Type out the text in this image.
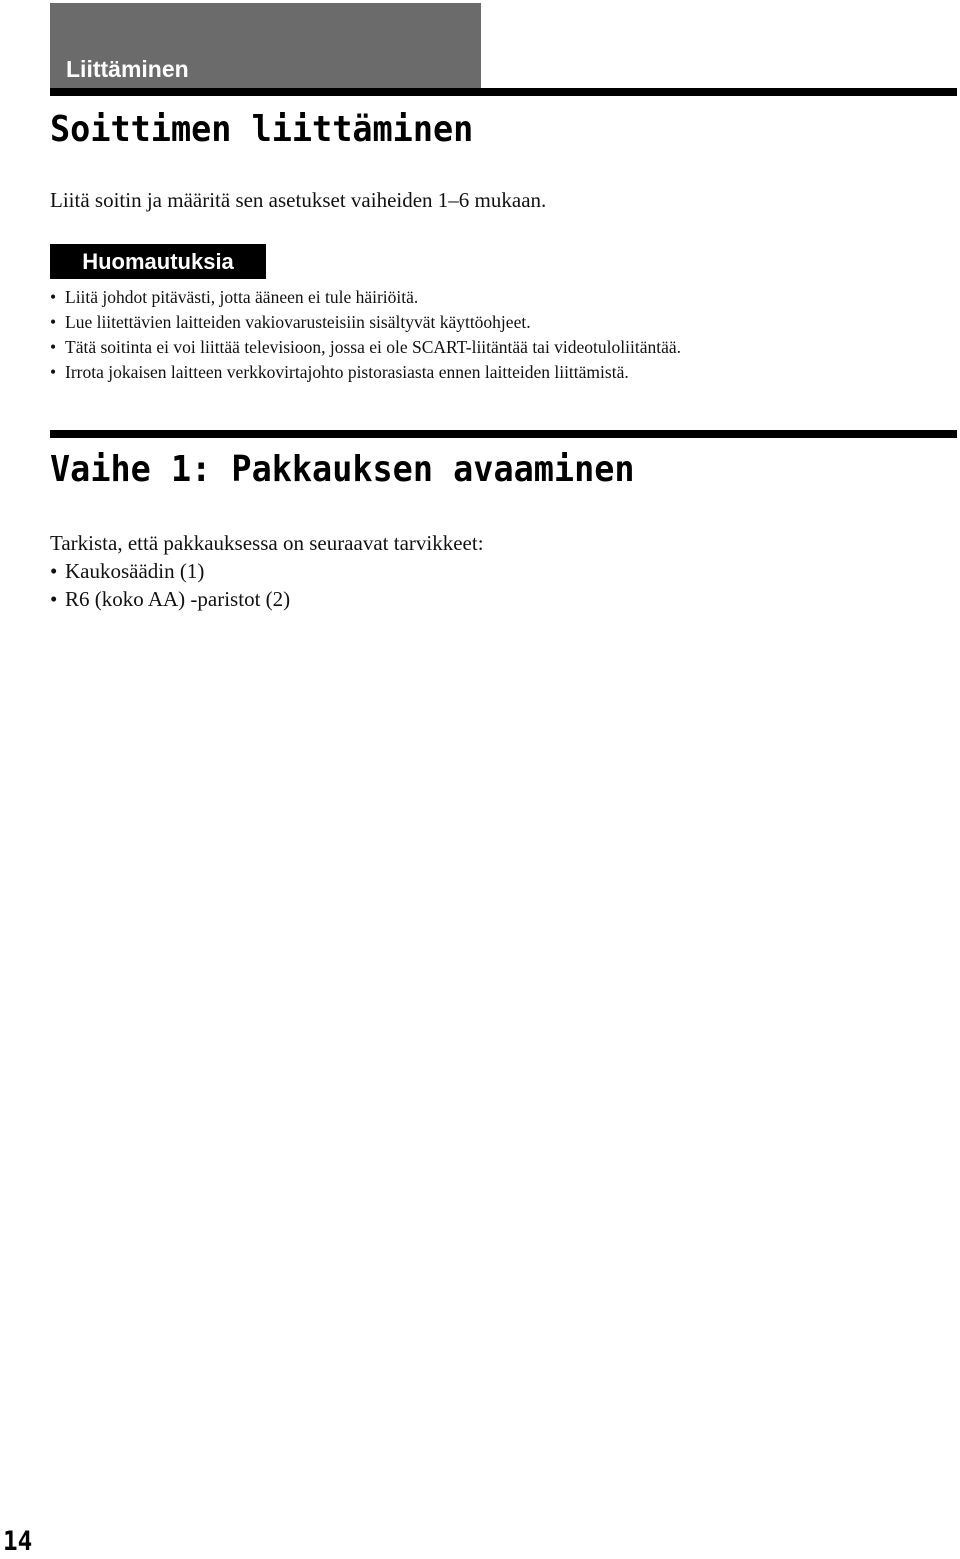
Liittäminen
Soittimen liittäminen

Liitä soitin ja määritä sen asetukset vaiheiden 1–6 mukaan.

Huomautuksia
• Liitä johdot pitävästi, jotta ääneen ei tule häiriöitä.
• Lue liitettävien laitteiden vakiovarusteisiin sisältyvät käyttöohjeet.
• Tätä soitinta ei voi liittää televisioon, jossa ei ole SCART-liitäntää tai videotuloliitäntää.
• Irrota jokaisen laitteen verkkovirtajohto pistorasiasta ennen laitteiden liittämistä.
Vaihe 1: Pakkauksen avaaminen

Tarkista, että pakkauksessa on seuraavat tarvikkeet:

• Kaukosäädin (1)
• R6 (koko AA) -paristot (2)
14
